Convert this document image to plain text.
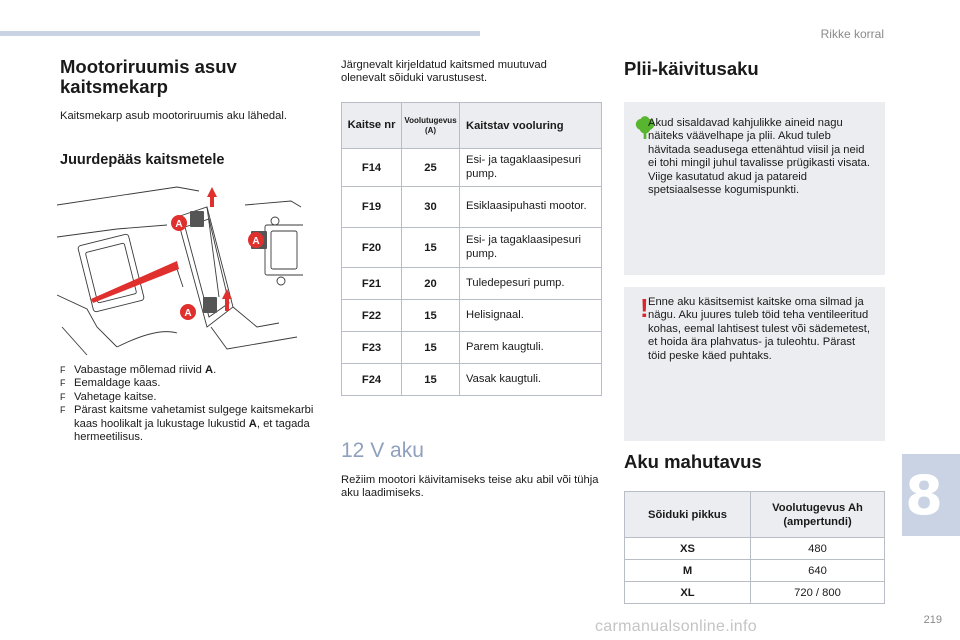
Rikke korral
Mootoriruumis asuv
kaitsmekarp

Kaitsmekarp asub mootoriruumis aku lähedal.

Juurdepääs kaitsmetele
A
A
A
F Vabastage mõlemad riivid A.
F Eemaldage kaas.
F Vahetage kaitse.
F Pärast kaitsme vahetamist sulgege kaitsmekarbi kaas hoolikalt ja lukustage lukustid A, et tagada hermeetilisus.

Järgnevalt kirjeldatud kaitsmed muutuvad olenevalt sõiduki varustusest.

Kaitse nr	Voolutugevus (A)	Kaitstav vooluring
F14	25	Esi- ja tagaklaasipesuri pump.
F19	30	Esiklaasipuhasti mootor.
F20	15	Esi- ja tagaklaasipesuri pump.
F21	20	Tuledepesuri pump.
F22	15	Helisignaal.
F23	15	Parem kaugtuli.
F24	15	Vasak kaugtuli.
12 V aku

Režiim mootori käivitamiseks teise aku abil või tühja aku laadimiseks.

Plii-käivitusaku

Akud sisaldavad kahjulikke aineid nagu näiteks väävelhape ja plii. Akud tuleb hävitada seadusega ettenähtud viisil ja neid ei tohi mingil juhul tavalisse prügikasti visata. Viige kasutatud akud ja patareid spetsiaalsesse kogumispunkti.

! Enne aku käsitsemist kaitske oma silmad ja nägu. Aku juures tuleb töid teha ventileeritud kohas, eemal lahtisest tulest või sädemetest, et hoida ära plahvatus- ja tuleohtu. Pärast töid peske käed puhtaks.

Aku mahutavus
Sõiduki pikkus	Voolutugevus Ah (ampertundi)
XS	480
M	640
XL	720 / 800
8
219
carmanualsonline.info
